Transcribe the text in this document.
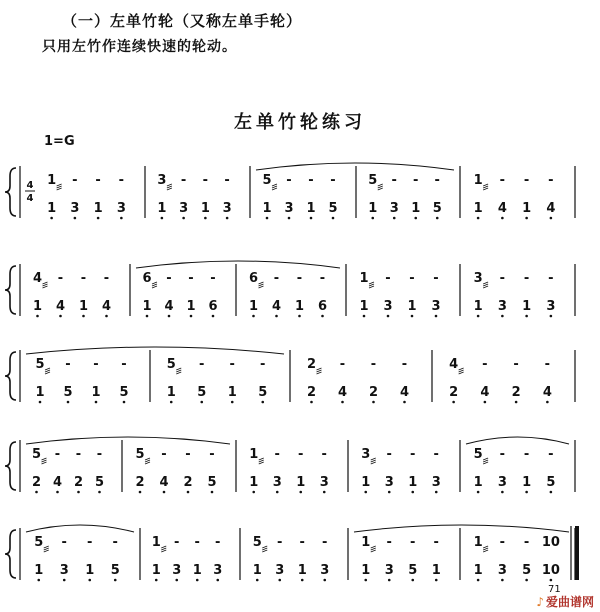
（一）左单竹轮（又称左单手轮）
只用左竹作连续快速的轮动。
左单竹轮练习
1=G
71
♪ 爱曲谱网
4
4
1
1
-
3
-
1
-
3
3
1
-
3
-
1
-
3
5
1
-
3
-
1
-
5
5
1
-
3
-
1
-
5
1
1
-
4
-
1
-
4
4
1
-
4
-
1
-
4
6
1
-
4
-
1
-
6
6
1
-
4
-
1
-
6
1
1
-
3
-
1
-
3
3
1
-
3
-
1
-
3
5
1
-
5
-
1
-
5
5
1
-
5
-
1
-
5
2
2
-
4
-
2
-
4
4
2
-
4
-
2
-
4
5
2
-
4
-
2
-
5
5
2
-
4
-
2
-
5
1
1
-
3
-
1
-
3
3
1
-
3
-
1
-
3
5
1
-
3
-
1
-
5
5
1
-
3
-
1
-
5
1
1
-
3
-
1
-
3
5
1
-
3
-
1
-
3
1
1
-
3
-
5
-
1
1
1
-
3
-
5
10
10
